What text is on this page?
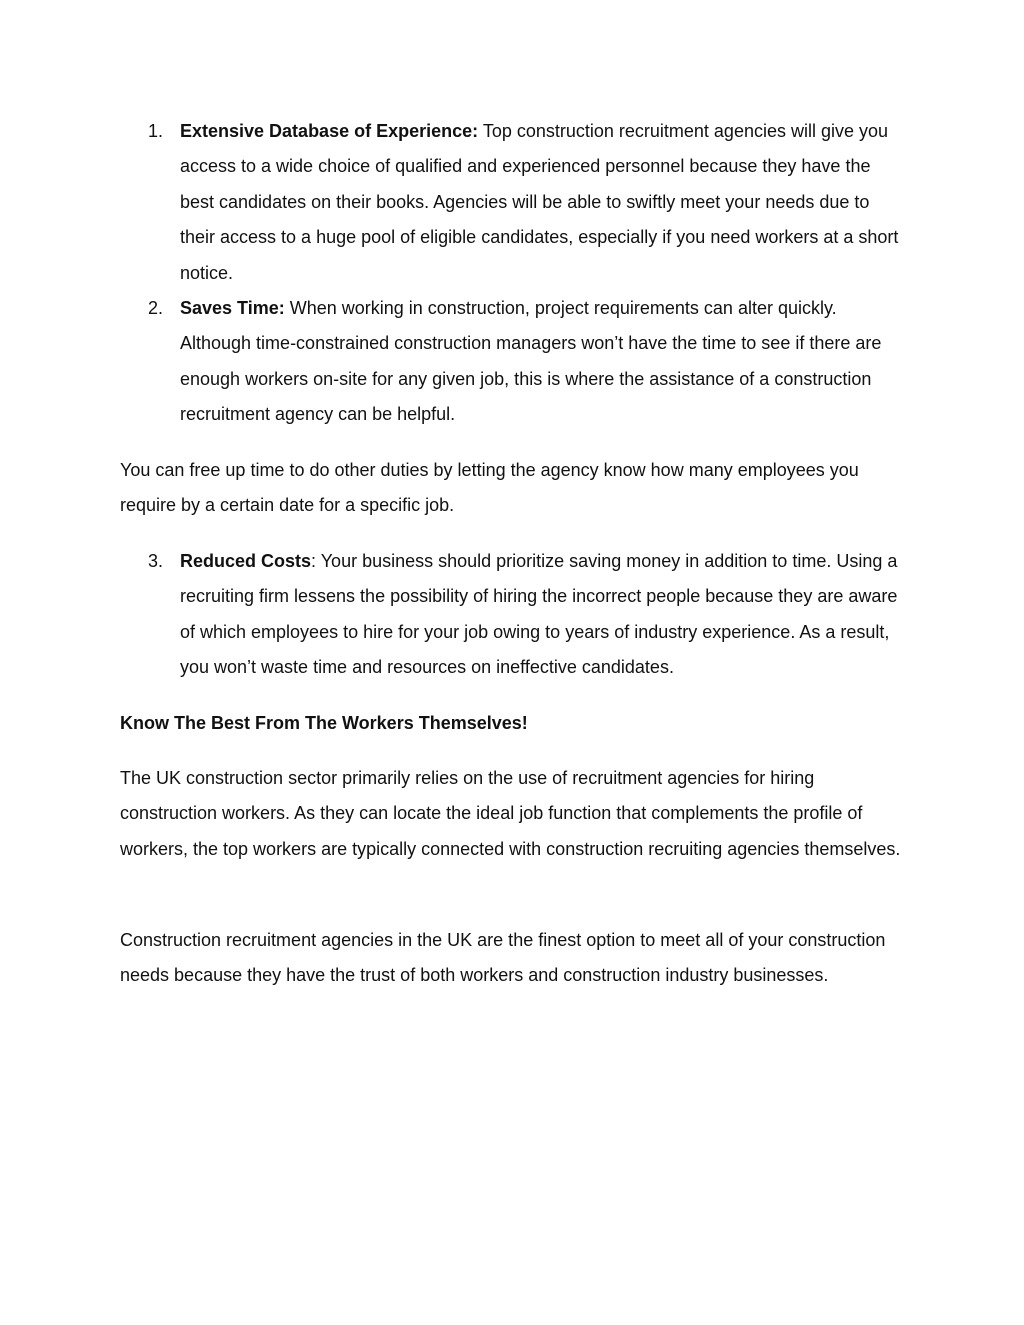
1. Extensive Database of Experience: Top construction recruitment agencies will give you access to a wide choice of qualified and experienced personnel because they have the best candidates on their books. Agencies will be able to swiftly meet your needs due to their access to a huge pool of eligible candidates, especially if you need workers at a short notice.

2. Saves Time: When working in construction, project requirements can alter quickly. Although time-constrained construction managers won’t have the time to see if there are enough workers on-site for any given job, this is where the assistance of a construction recruitment agency can be helpful.

You can free up time to do other duties by letting the agency know how many employees you require by a certain date for a specific job.

3. Reduced Costs: Your business should prioritize saving money in addition to time. Using a recruiting firm lessens the possibility of hiring the incorrect people because they are aware of which employees to hire for your job owing to years of industry experience. As a result, you won’t waste time and resources on ineffective candidates.

Know The Best From The Workers Themselves!

The UK construction sector primarily relies on the use of recruitment agencies for hiring construction workers. As they can locate the ideal job function that complements the profile of workers, the top workers are typically connected with construction recruiting agencies themselves.

Construction recruitment agencies in the UK are the finest option to meet all of your construction needs because they have the trust of both workers and construction industry businesses.
